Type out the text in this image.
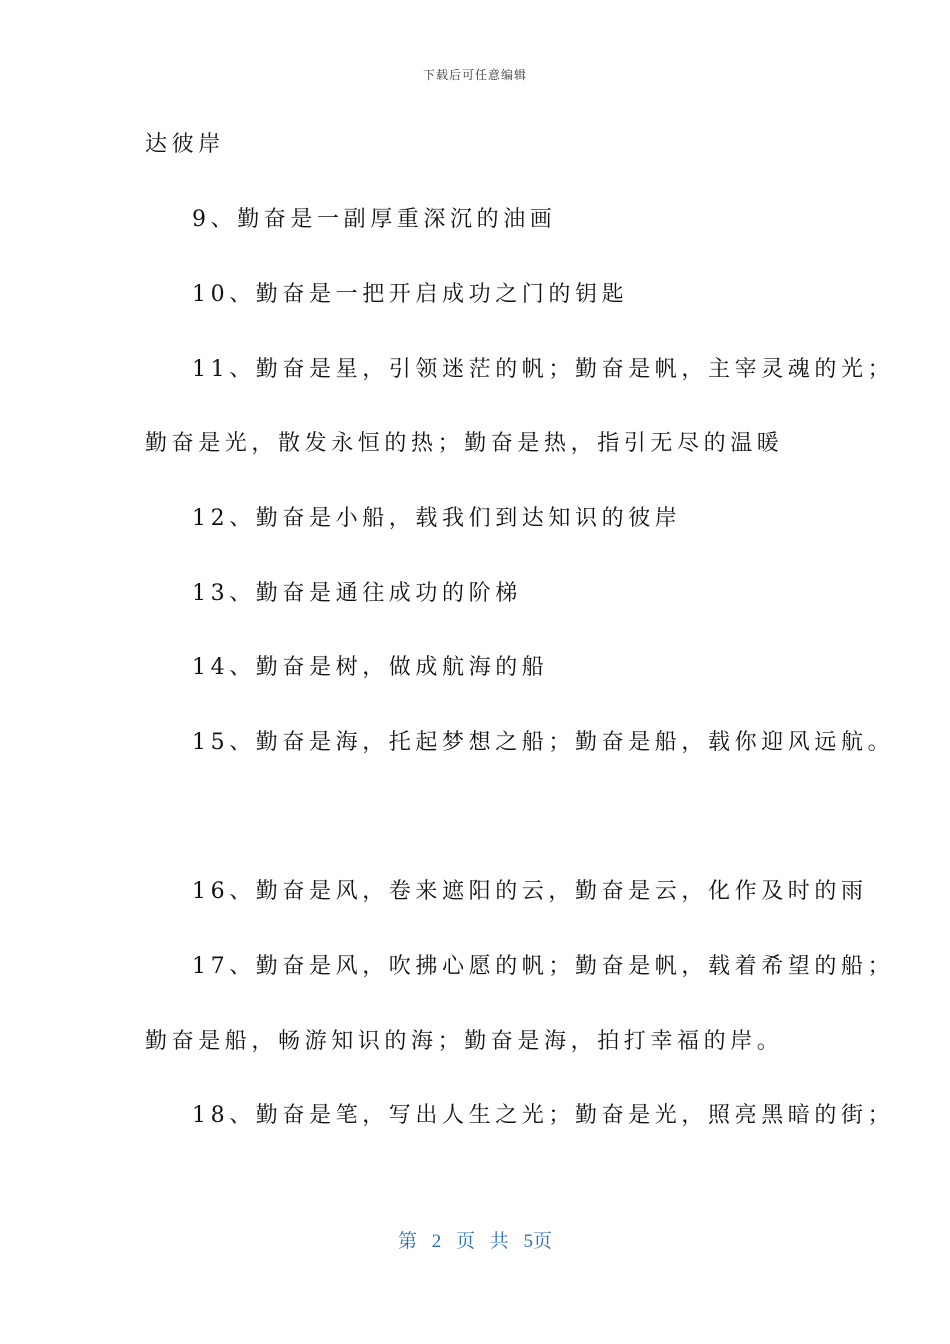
下载后可任意编辑
达彼岸
9、勤奋是一副厚重深沉的油画
10、勤奋是一把开启成功之门的钥匙
11、勤奋是星，引领迷茫的帆；勤奋是帆，主宰灵魂的光；
勤奋是光，散发永恒的热；勤奋是热，指引无尽的温暖
12、勤奋是小船，载我们到达知识的彼岸
13、勤奋是通往成功的阶梯
14、勤奋是树，做成航海的船
15、勤奋是海，托起梦想之船；勤奋是船，载你迎风远航。
16、勤奋是风，卷来遮阳的云，勤奋是云，化作及时的雨
17、勤奋是风，吹拂心愿的帆；勤奋是帆，载着希望的船；
勤奋是船，畅游知识的海；勤奋是海，拍打幸福的岸。
18、勤奋是笔，写出人生之光；勤奋是光，照亮黑暗的街；
第 2 页 共 5页
